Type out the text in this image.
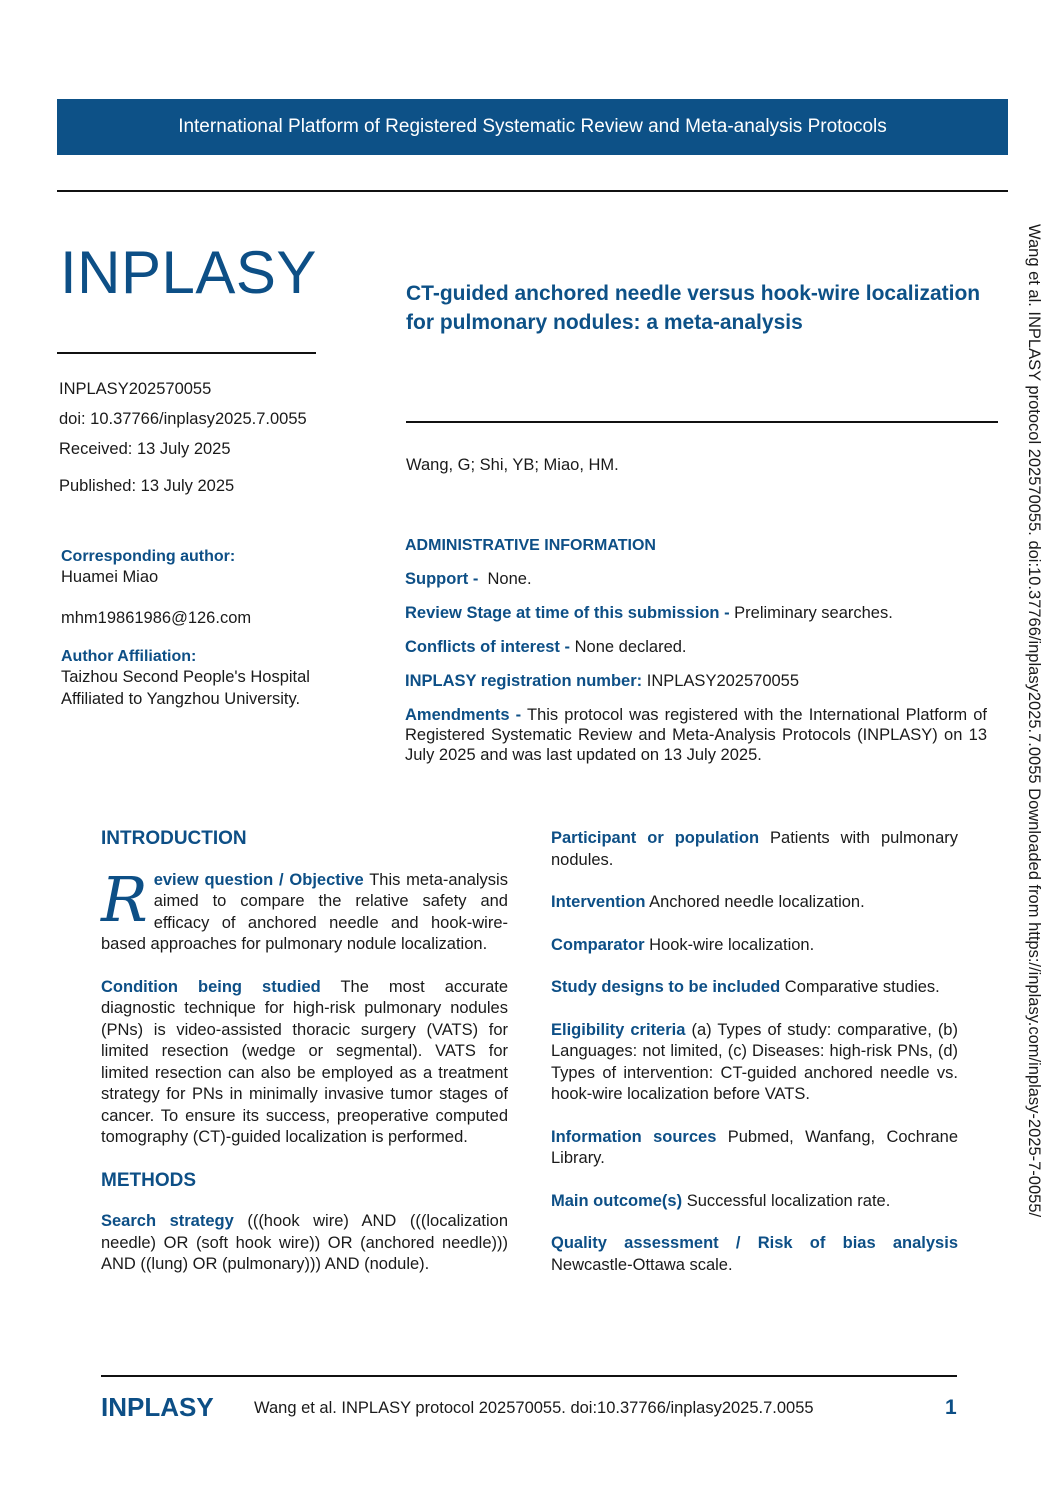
International Platform of Registered Systematic Review and Meta-analysis Protocols
INPLASY	CT-guided anchored needle versus hook-wire localization for pulmonary nodules: a meta-analysis
INPLASY202570055
doi: 10.37766/inplasy2025.7.0055
Received: 13 July 2025
Published: 13 July 2025
Wang, G; Shi, YB; Miao, HM.
Corresponding author:
Huamei Miao
mhm19861986@126.com
Author Affiliation:
Taizhou Second People's Hospital Affiliated to Yangzhou University.
ADMINISTRATIVE INFORMATION
Support - None.
Review Stage at time of this submission - Preliminary searches.
Conflicts of interest - None declared.
INPLASY registration number: INPLASY202570055
Amendments - This protocol was registered with the International Platform of Registered Systematic Review and Meta-Analysis Protocols (INPLASY) on 13 July 2025 and was last updated on 13 July 2025.
INTRODUCTION

R eview question / Objective This meta-analysis aimed to compare the relative safety and efficacy of anchored needle and hook-wire-based approaches for pulmonary nodule localization.

Condition being studied The most accurate diagnostic technique for high-risk pulmonary nodules (PNs) is video-assisted thoracic surgery (VATS) for limited resection (wedge or segmental). VATS for limited resection can also be employed as a treatment strategy for PNs in minimally invasive tumor stages of cancer. To ensure its success, preoperative computed tomography (CT)-guided localization is performed.

METHODS

Search strategy (((hook wire) AND (((localization needle) OR (soft hook wire)) OR (anchored needle))) AND ((lung) OR (pulmonary))) AND (nodule).

Participant or population Patients with pulmonary nodules.

Intervention Anchored needle localization.

Comparator Hook-wire localization.

Study designs to be included Comparative studies.

Eligibility criteria (a) Types of study: comparative, (b) Languages: not limited, (c) Diseases: high-risk PNs, (d) Types of intervention: CT-guided anchored needle vs. hook-wire localization before VATS.

Information sources Pubmed, Wanfang, Cochrane Library.

Main outcome(s) Successful localization rate.

Quality assessment / Risk of bias analysis Newcastle-Ottawa scale.

Wang et al. INPLASY protocol 202570055. doi:10.37766/inplasy2025.7.0055 Downloaded from https://inplasy.com/inplasy-2025-7-0055/
INPLASY Wang et al. INPLASY protocol 202570055. doi:10.37766/inplasy2025.7.0055	1
